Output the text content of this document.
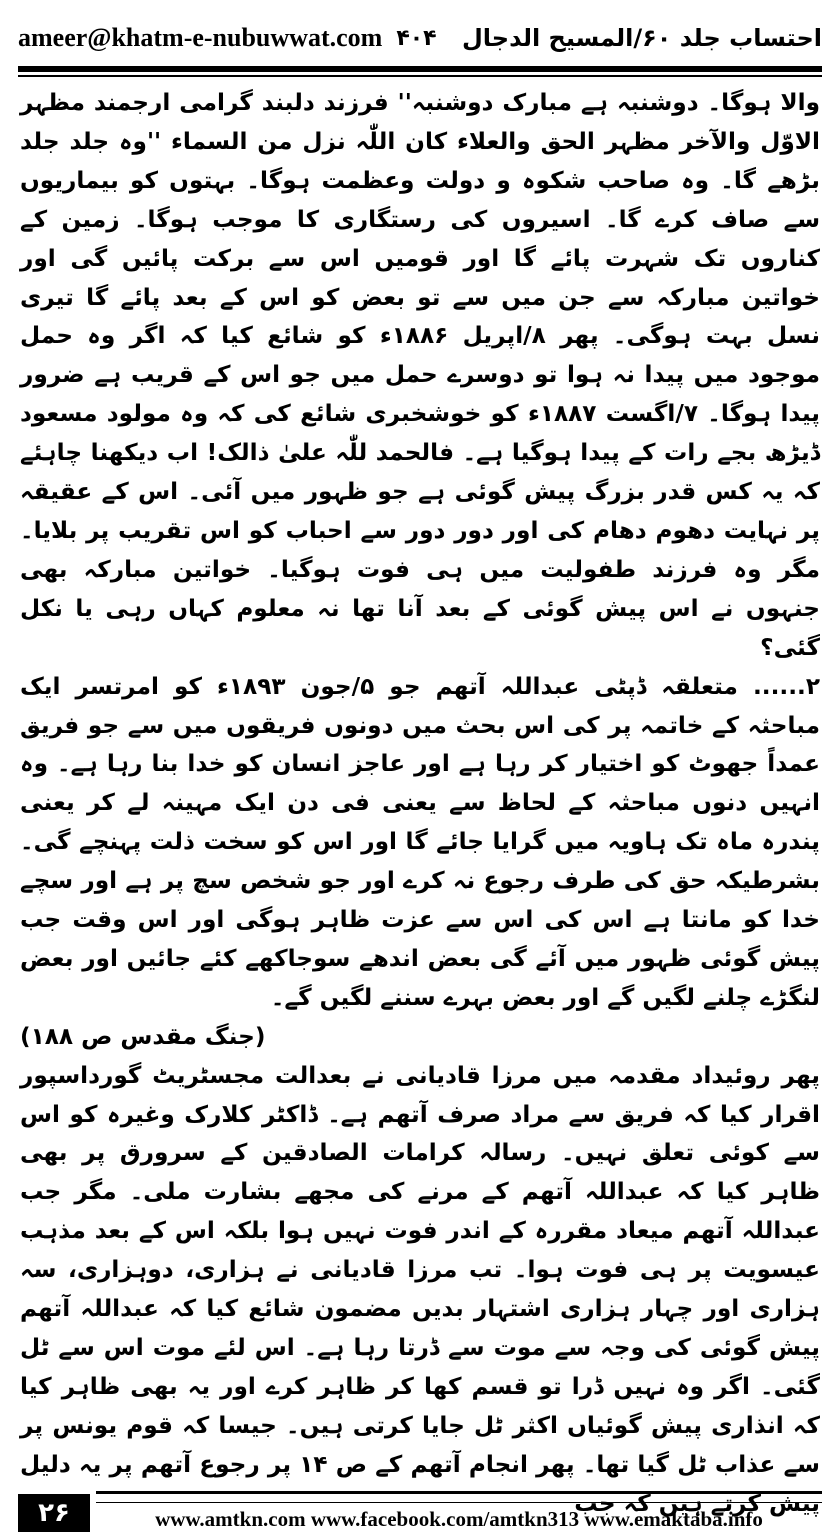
ameer@khatm-e-nubuwwat.com ۴۰۴ احتساب جلد ۶۰/المسیح الدجال

والا ہوگا۔ دوشنبہ ہے مبارک دوشنبہ'' فرزند دلبند گرامی ارجمند مظہر الاوّل والآخر مظہر الحق والعلاء کان اللّٰہ نزل من السماء ''وہ جلد جلد بڑھے گا۔ وہ صاحب شکوہ و دولت وعظمت ہوگا۔ بہتوں کو بیماریوں سے صاف کرے گا۔ اسیروں کی رستگاری کا موجب ہوگا۔ زمین کے کناروں تک شہرت پائے گا اور قومیں اس سے برکت پائیں گی اور خواتین مبارکہ سے جن میں سے تو بعض کو اس کے بعد پائے گا تیری نسل بہت ہوگی۔ پھر ۸/اپریل ۱۸۸۶ء کو شائع کیا کہ اگر وہ حمل موجود میں پیدا نہ ہوا تو دوسرے حمل میں جو اس کے قریب ہے ضرور پیدا ہوگا۔ ۷/اگست ۱۸۸۷ء کو خوشخبری شائع کی کہ وہ مولود مسعود ڈیڑھ بجے رات کے پیدا ہوگیا ہے۔ فالحمد للّٰہ علیٰ ذالک! اب دیکھنا چاہئے کہ یہ کس قدر بزرگ پیش گوئی ہے جو ظہور میں آئی۔ اس کے عقیقہ پر نہایت دھوم دھام کی اور دور دور سے احباب کو اس تقریب پر بلایا۔ مگر وہ فرزند طفولیت میں ہی فوت ہوگیا۔ خواتین مبارکہ بھی جنہوں نے اس پیش گوئی کے بعد آنا تھا نہ معلوم کہاں رہی یا نکل گئی؟

۲...... متعلقہ ڈپٹی عبداللہ آتھم جو ۵/جون ۱۸۹۳ء کو امرتسر ایک مباحثہ کے خاتمہ پر کی اس بحث میں دونوں فریقوں میں سے جو فریق عمداً جھوٹ کو اختیار کر رہا ہے اور عاجز انسان کو خدا بنا رہا ہے۔ وہ انہیں دنوں مباحثہ کے لحاظ سے یعنی فی دن ایک مہینہ لے کر یعنی پندرہ ماہ تک ہاویہ میں گرایا جائے گا اور اس کو سخت ذلت پہنچے گی۔ بشرطیکہ حق کی طرف رجوع نہ کرے اور جو شخص سچ پر ہے اور سچے خدا کو مانتا ہے اس کی اس سے عزت ظاہر ہوگی اور اس وقت جب پیش گوئی ظہور میں آئے گی بعض اندھے سوجاکھے کئے جائیں اور بعض لنگڑے چلنے لگیں گے اور بعض بہرے سننے لگیں گے۔
(جنگ مقدس ص ۱۸۸)

پھر روئیداد مقدمہ میں مرزا قادیانی نے بعدالت مجسٹریٹ گورداسپور اقرار کیا کہ فریق سے مراد صرف آتھم ہے۔ ڈاکٹر کلارک وغیرہ کو اس سے کوئی تعلق نہیں۔ رسالہ کرامات الصادقین کے سرورق پر بھی ظاہر کیا کہ عبداللہ آتھم کے مرنے کی مجھے بشارت ملی۔ مگر جب عبداللہ آتھم میعاد مقررہ کے اندر فوت نہیں ہوا بلکہ اس کے بعد مذہب عیسویت پر ہی فوت ہوا۔ تب مرزا قادیانی نے ہزاری، دوہزاری، سہ ہزاری اور چہار ہزاری اشتہار بدیں مضمون شائع کیا کہ عبداللہ آتھم پیش گوئی کی وجہ سے موت سے ڈرتا رہا ہے۔ اس لئے موت اس سے ٹل گئی۔ اگر وہ نہیں ڈرا تو قسم کھا کر ظاہر کرے اور یہ بھی ظاہر کیا کہ انذاری پیش گوئیاں اکثر ٹل جایا کرتی ہیں۔ جیسا کہ قوم یونس پر سے عذاب ٹل گیا تھا۔ پھر انجام آتھم کے ص ۱۴ پر رجوع آتھم پر یہ دلیل پیش کرتے ہیں کہ جب

۲۶	www.amtkn.com www.facebook.com/amtkn313 www.emaktaba.info
